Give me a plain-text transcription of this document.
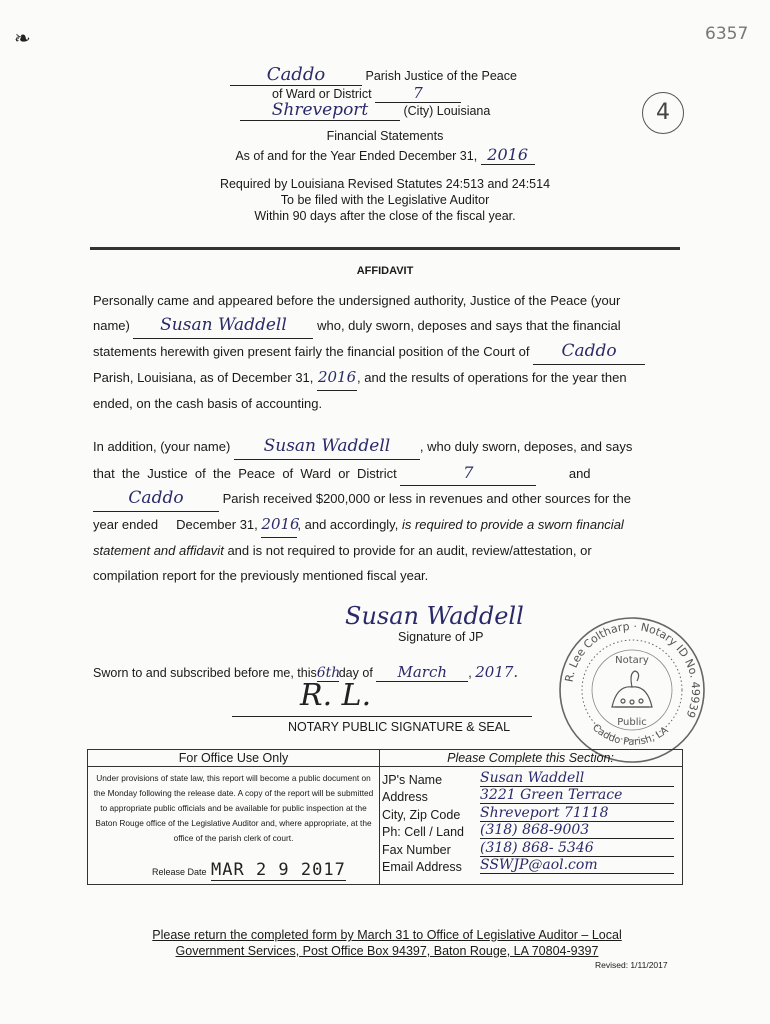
❧	6357
4
Caddo	Parish Justice of the Peace
of Ward or District	7
Shreveport	(City) Louisiana
Financial Statements
As of and for the Year Ended December 31, 2016
Required by Louisiana Revised Statutes 24:513 and 24:514
To be filed with the Legislative Auditor
Within 90 days after the close of the fiscal year.
AFFIDAVIT
Personally came and appeared before the undersigned authority, Justice of the Peace (your
name) Susan Waddell who, duly sworn, deposes and says that the financial
statements herewith given present fairly the financial position of the Court of Caddo
Parish, Louisiana, as of December 31, 2016, and the results of operations for the year then
ended, on the cash basis of accounting.
In addition, (your name) Susan Waddell , who duly sworn, deposes, and says
that  the  Justice  of  the  Peace  of  Ward  or  District	7	and
Caddo	Parish received $200,000 or less in revenues and other sources for the
year ended December 31, 2016, and accordingly, is required to provide a sworn financial
statement and affidavit and is not required to provide for an audit, review/attestation, or
compilation report for the previously mentioned fiscal year.
Susan Waddell
Signature of JP
Sworn to and subscribed before me, this6thday of March , 2017.
R. L.
NOTARY PUBLIC SIGNATURE & SEAL
R. Lee Coltharp · Notary ID No. 49939
Notary
Public
Caddo Parish, LA
For Office Use Only
Under provisions of state law, this report will become a public document on the Monday following the release date. A copy of the report will be submitted to appropriate public officials and be available for public inspection at the Baton Rouge office of the Legislative Auditor and, where appropriate, at the office of the parish clerk of court.
Release Date MAR 2 9 2017
Please Complete this Section:
JP's Name	Susan Waddell
Address	3221 Green Terrace
City, Zip Code	Shreveport 71118
Ph: Cell / Land	(318) 868-9003
Fax Number	(318) 868- 5346
Email Address	SSWJP@aol.com
Please return the completed form by March 31 to Office of Legislative Auditor – Local
Government Services, Post Office Box 94397, Baton Rouge, LA 70804-9397
Revised: 1/11/2017
